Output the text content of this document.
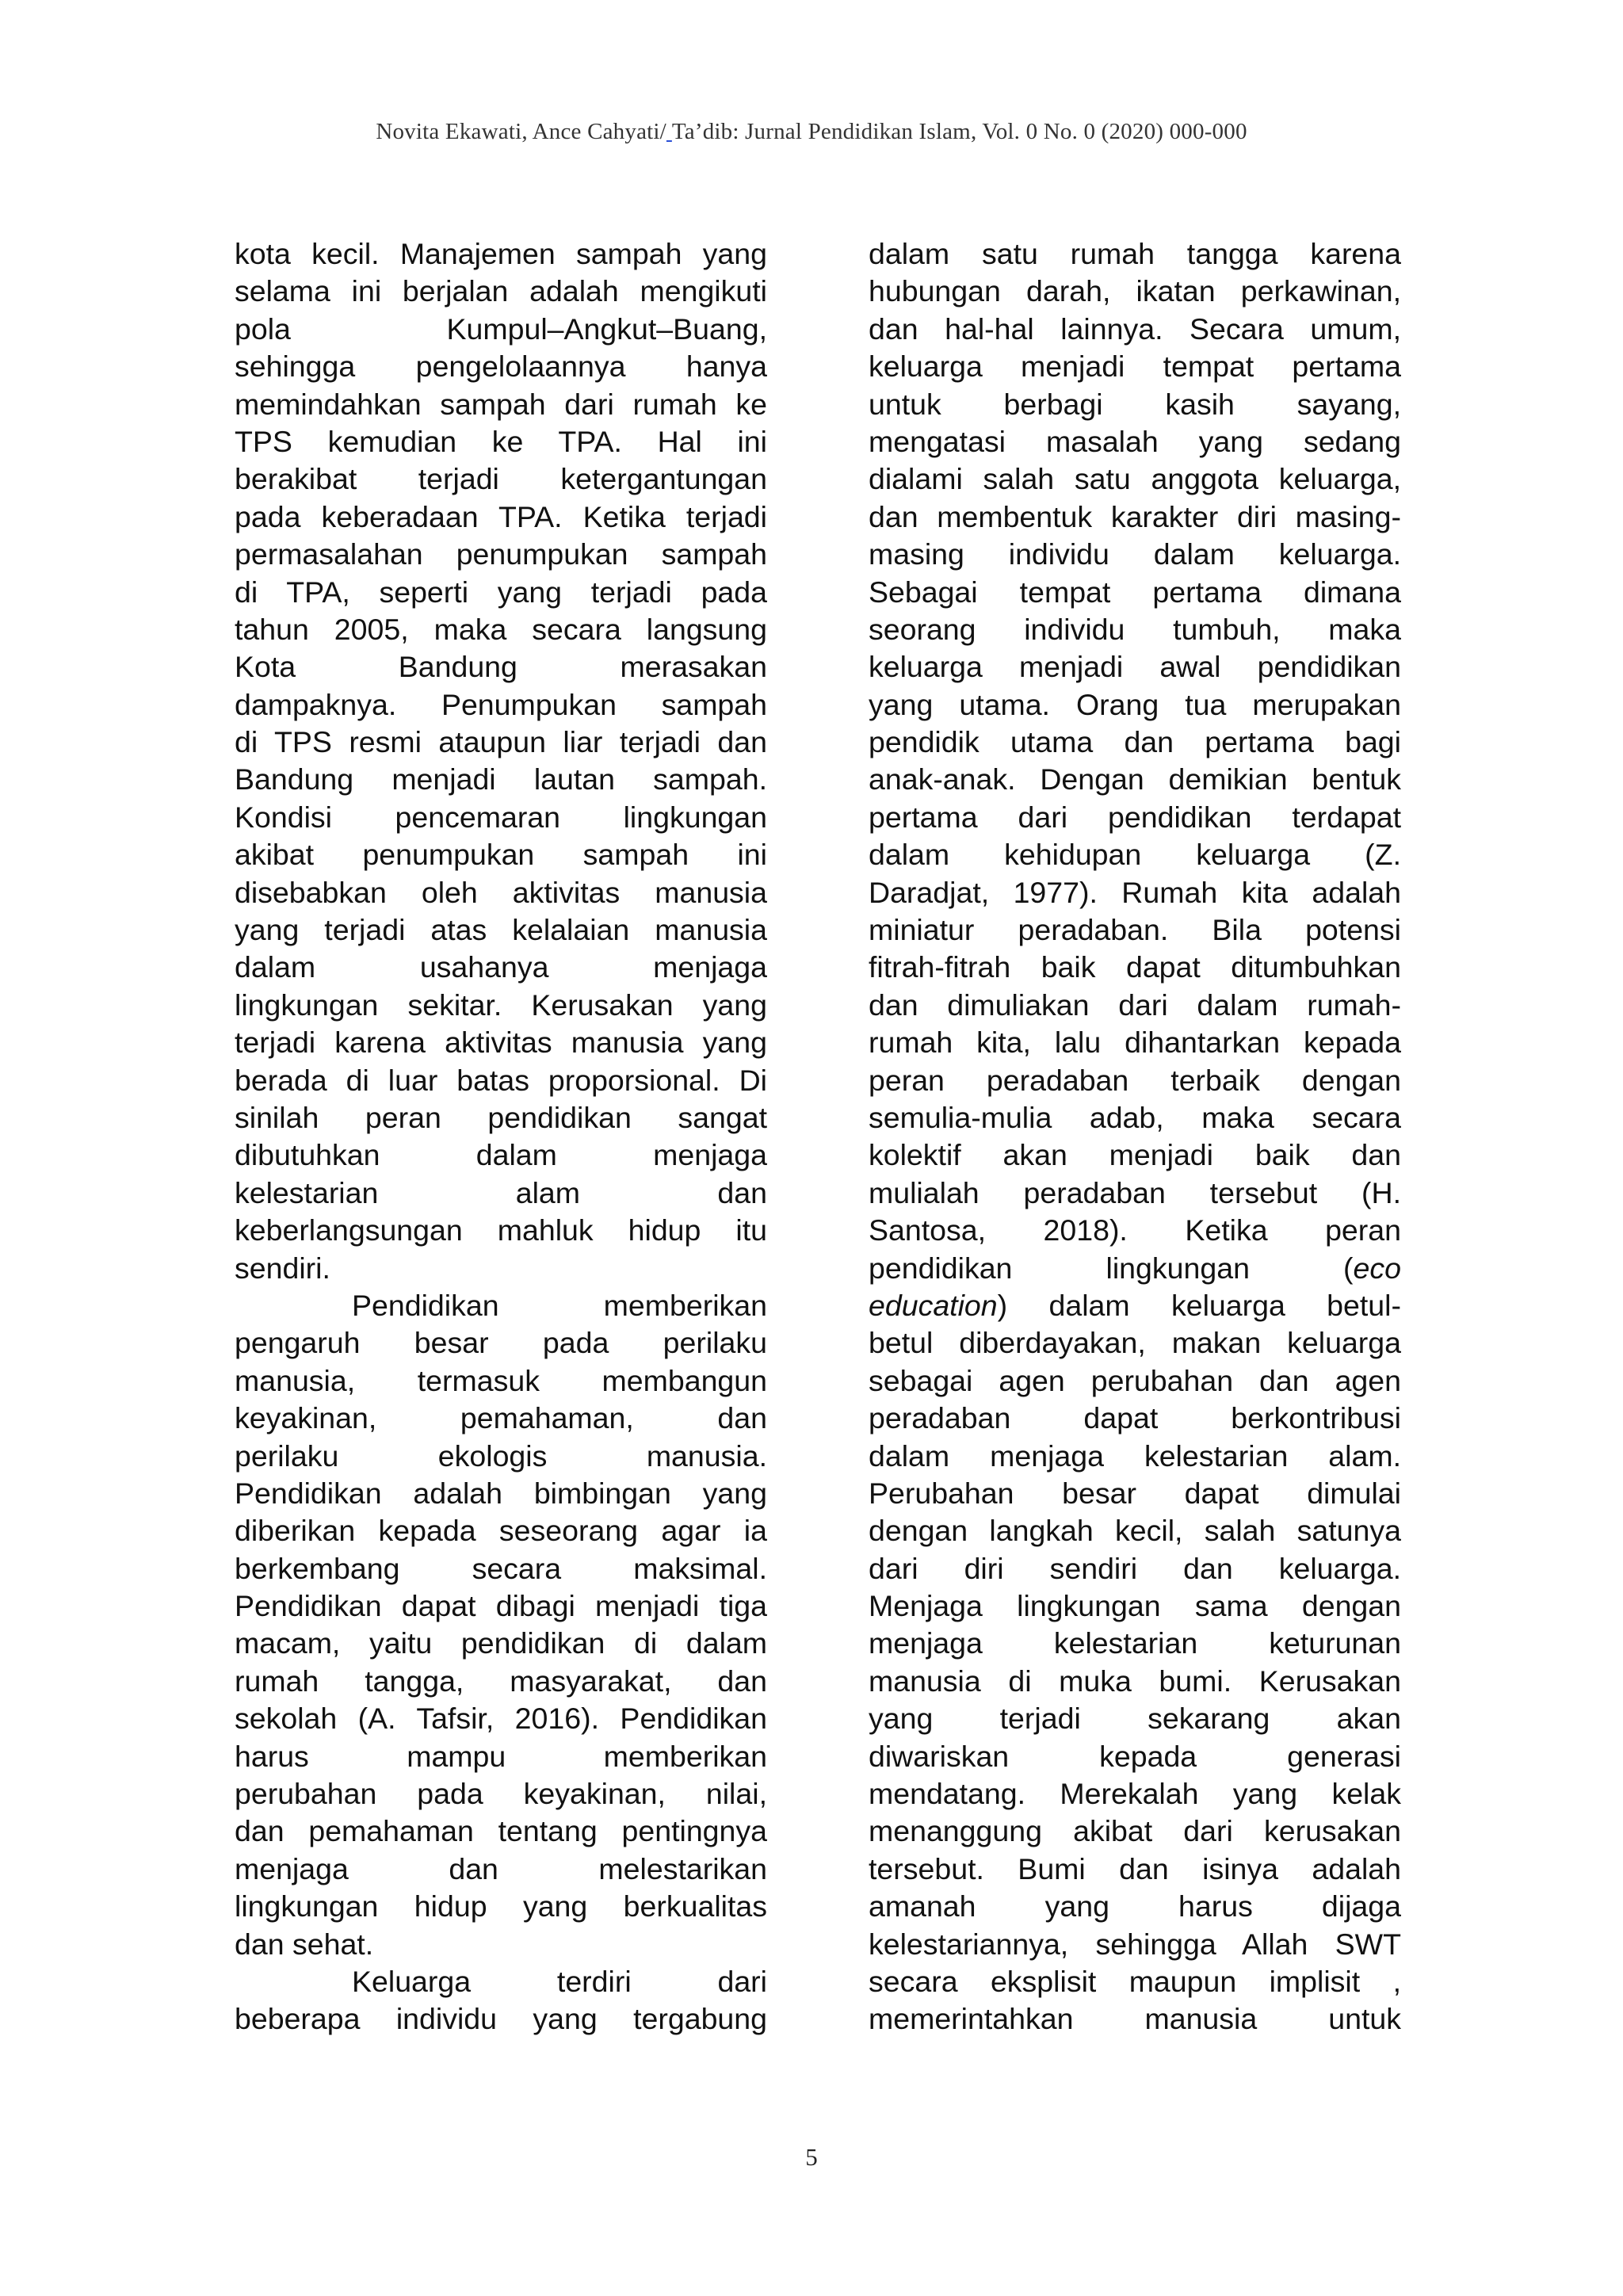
Novita Ekawati, Ance Cahyati/ Ta’dib: Jurnal Pendidikan Islam, Vol. 0 No. 0 (2020) 000-000
kota kecil. Manajemen sampah yang
selama ini berjalan adalah mengikuti
pola Kumpul–Angkut–Buang,
sehingga pengelolaannya hanya
memindahkan sampah dari rumah ke
TPS kemudian ke TPA. Hal ini
berakibat terjadi ketergantungan
pada keberadaan TPA. Ketika terjadi
permasalahan penumpukan sampah
di TPA, seperti yang terjadi pada
tahun 2005, maka secara langsung
Kota Bandung merasakan
dampaknya. Penumpukan sampah
di TPS resmi ataupun liar terjadi dan
Bandung menjadi lautan sampah.
Kondisi pencemaran lingkungan
akibat penumpukan sampah ini
disebabkan oleh aktivitas manusia
yang terjadi atas kelalaian manusia
dalam usahanya menjaga
lingkungan sekitar. Kerusakan yang
terjadi karena aktivitas manusia yang
berada di luar batas proporsional. Di
sinilah peran pendidikan sangat
dibutuhkan dalam menjaga
kelestarian alam dan
keberlangsungan mahluk hidup itu
sendiri.
Pendidikan memberikan
pengaruh besar pada perilaku
manusia, termasuk membangun
keyakinan, pemahaman, dan
perilaku ekologis manusia.
Pendidikan adalah bimbingan yang
diberikan kepada seseorang agar ia
berkembang secara maksimal.
Pendidikan dapat dibagi menjadi tiga
macam, yaitu pendidikan di dalam
rumah tangga, masyarakat, dan
sekolah (A. Tafsir, 2016). Pendidikan
harus mampu memberikan
perubahan pada keyakinan, nilai,
dan pemahaman tentang pentingnya
menjaga dan melestarikan
lingkungan hidup yang berkualitas
dan sehat.
Keluarga terdiri dari
beberapa individu yang tergabung
dalam satu rumah tangga karena
hubungan darah, ikatan perkawinan,
dan hal-hal lainnya. Secara umum,
keluarga menjadi tempat pertama
untuk berbagi kasih sayang,
mengatasi masalah yang sedang
dialami salah satu anggota keluarga,
dan membentuk karakter diri masing-
masing individu dalam keluarga.
Sebagai tempat pertama dimana
seorang individu tumbuh, maka
keluarga menjadi awal pendidikan
yang utama. Orang tua merupakan
pendidik utama dan pertama bagi
anak-anak. Dengan demikian bentuk
pertama dari pendidikan terdapat
dalam kehidupan keluarga (Z.
Daradjat, 1977). Rumah kita adalah
miniatur peradaban. Bila potensi
fitrah-fitrah baik dapat ditumbuhkan
dan dimuliakan dari dalam rumah-
rumah kita, lalu dihantarkan kepada
peran peradaban terbaik dengan
semulia-mulia adab, maka secara
kolektif akan menjadi baik dan
mulialah peradaban tersebut (H.
Santosa, 2018). Ketika peran
pendidikan lingkungan (eco
education) dalam keluarga betul-
betul diberdayakan, makan keluarga
sebagai agen perubahan dan agen
peradaban dapat berkontribusi
dalam menjaga kelestarian alam.
Perubahan besar dapat dimulai
dengan langkah kecil, salah satunya
dari diri sendiri dan keluarga.
Menjaga lingkungan sama dengan
menjaga kelestarian keturunan
manusia di muka bumi. Kerusakan
yang terjadi sekarang akan
diwariskan kepada generasi
mendatang. Merekalah yang kelak
menanggung akibat dari kerusakan
tersebut. Bumi dan isinya adalah
amanah yang harus dijaga
kelestariannya, sehingga Allah SWT
secara eksplisit maupun implisit ,
memerintahkan manusia untuk
5
